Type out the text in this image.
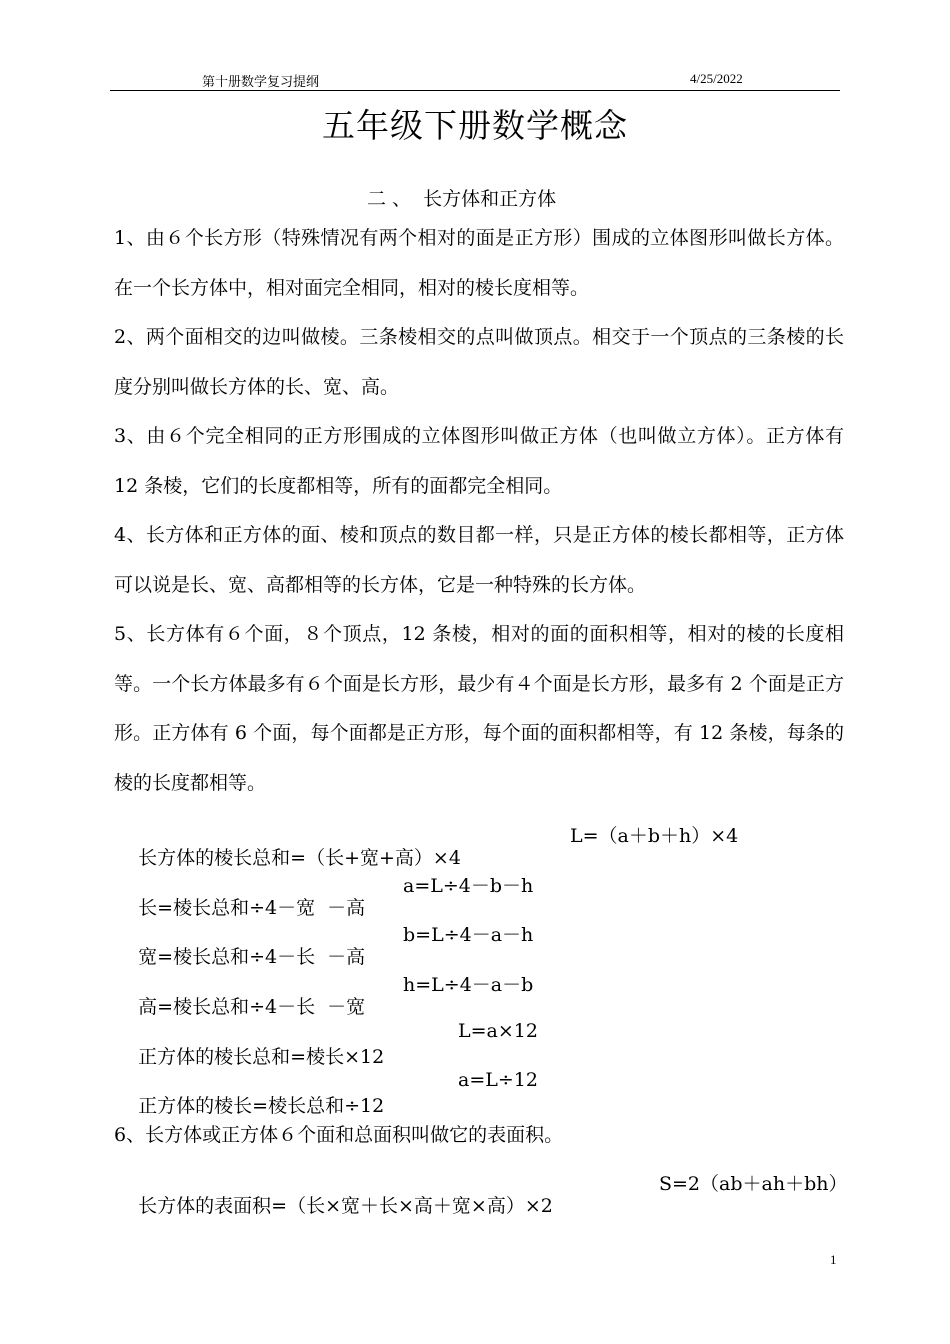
第十册数学复习提纲	4/25/2022
五年级下册数学概念
二 、  长方体和正方体
1、由６个长方形（特殊情况有两个相对的面是正方形）围成的立体图形叫做长方体。在一个长方体中，相对面完全相同，相对的棱长度相等。
2、两个面相交的边叫做棱。三条棱相交的点叫做顶点。相交于一个顶点的三条棱的长度分别叫做长方体的长、宽、高。
3、由６个完全相同的正方形围成的立体图形叫做正方体（也叫做立方体）。正方体有 12 条棱，它们的长度都相等，所有的面都完全相同。
4、长方体和正方体的面、棱和顶点的数目都一样，只是正方体的棱长都相等，正方体可以说是长、宽、高都相等的长方体，它是一种特殊的长方体。
5、长方体有６个面，８个顶点，12 条棱，相对的面的面积相等，相对的棱的长度相等。一个长方体最多有６个面是长方形，最少有４个面是长方形，最多有 2 个面是正方形。正方体有 6 个面，每个面都是正方形，每个面的面积都相等，有 12 条棱，每条的棱的长度都相等。

长方体的棱长总和=（长+宽+高）×4

L=（a＋b＋h）×4

长=棱长总和÷4－宽  －高

a=L÷4－b－h

宽=棱长总和÷4－长  －高

b=L÷4－a－h

高=棱长总和÷4－长  －宽

h=L÷4－a－b

正方体的棱长总和=棱长×12

L=a×12

正方体的棱长=棱长总和÷12

a=L÷12

6、长方体或正方体６个面和总面积叫做它的表面积。

长方体的表面积=（长×宽＋长×高＋宽×高）×2

S=2（ab＋ah＋bh）

1
